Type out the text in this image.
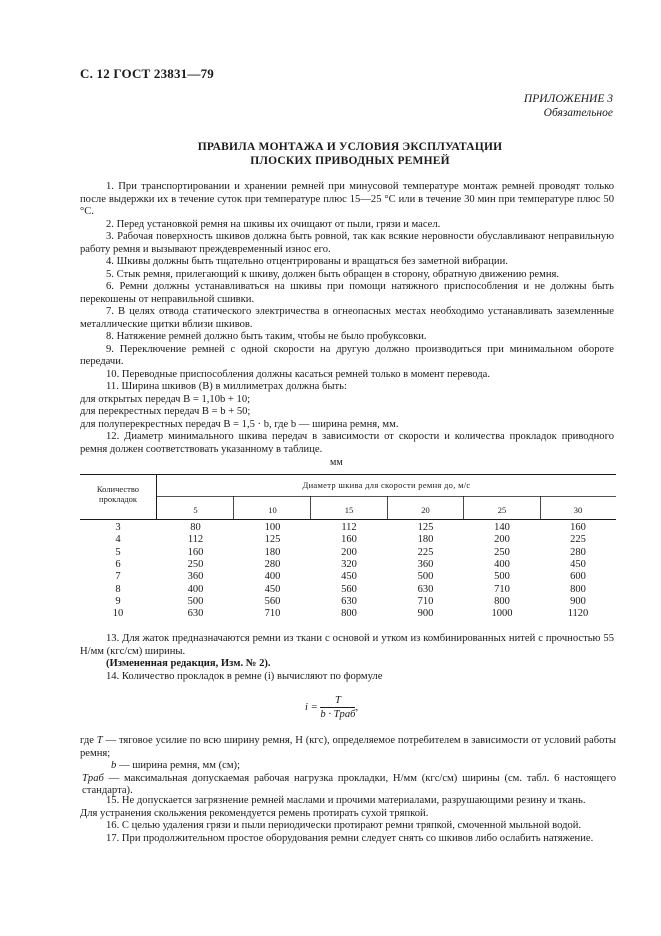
С. 12 ГОСТ 23831—79
ПРИЛОЖЕНИЕ 3
Обязательное
ПРАВИЛА МОНТАЖА И УСЛОВИЯ ЭКСПЛУАТАЦИИ
ПЛОСКИХ ПРИВОДНЫХ РЕМНЕЙ

1. При транспортировании и хранении ремней при минусовой температуре монтаж ремней проводят только после выдержки их в течение суток при температуре плюс 15—25 °С или в течение 30 мин при температуре плюс 50 °С.

2. Перед установкой ремня на шкивы их очищают от пыли, грязи и масел.

3. Рабочая поверхность шкивов должна быть ровной, так как всякие неровности обуславливают неправильную работу ремня и вызывают преждевременный износ его.

4. Шкивы должны быть тщательно отцентрированы и вращаться без заметной вибрации.

5. Стык ремня, прилегающий к шкиву, должен быть обращен в сторону, обратную движению ремня.

6. Ремни должны устанавливаться на шкивы при помощи натяжного приспособления и не должны быть перекошены от неправильной сшивки.

7. В целях отвода статического электричества в огнеопасных местах необходимо устанавливать заземленные металлические щитки вблизи шкивов.

8. Натяжение ремней должно быть таким, чтобы не было пробуксовки.

9. Переключение ремней с одной скорости на другую должно производиться при минимальном обороте передачи.

10. Переводные приспособления должны касаться ремней только в момент перевода.

11. Ширина шкивов (В) в миллиметрах должна быть:

для открытых передач В = 1,10b + 10;

для перекрестных передач В = b + 50;

для полуперекрестных передач В = 1,5 · b, где b — ширина ремня, мм.

12. Диаметр минимального шкива передач в зависимости от скорости и количества прокладок приводного ремня должен соответствовать указанному в таблице.

мм
Количество прокладок
Диаметр шкива для скорости ремня до, м/с
5	10	15	20	25	30
3	80	100	112	125	140	160
4	112	125	160	180	200	225
5	160	180	200	225	250	280
6	250	280	320	360	400	450
7	360	400	450	500	500	600
8	400	450	560	630	710	800
9	500	560	630	710	800	900
10	630	710	800	900	1000	1120

13. Для жаток предназначаются ремни из ткани с основой и утком из комбинированных нитей с прочностью 55 Н/мм (кгс/см) ширины.

(Измененная редакция, Изм. № 2).

14. Количество прокладок в ремне (i) вычисляют по формуле

$i = \frac{T}{\text{b · Tраб}}$ ,
где T — тяговое усилие по всю ширину ремня, Н (кгс), определяемое потребителем в зависимости от условий работы ремня;
b — ширина ремня, мм (см);
Tраб — максимальная допускаемая рабочая нагрузка прокладки, Н/мм (кгс/см) ширины (см. табл. 6 настоящего стандарта).

15. Не допускается загрязнение ремней маслами и прочими материалами, разрушающими резину и ткань.

Для устранения скольжения рекомендуется ремень протирать сухой тряпкой.

16. С целью удаления грязи и пыли периодически протирают ремни тряпкой, смоченной мыльной водой.

17. При продолжительном простое оборудования ремни следует снять со шкивов либо ослабить натяжение.
